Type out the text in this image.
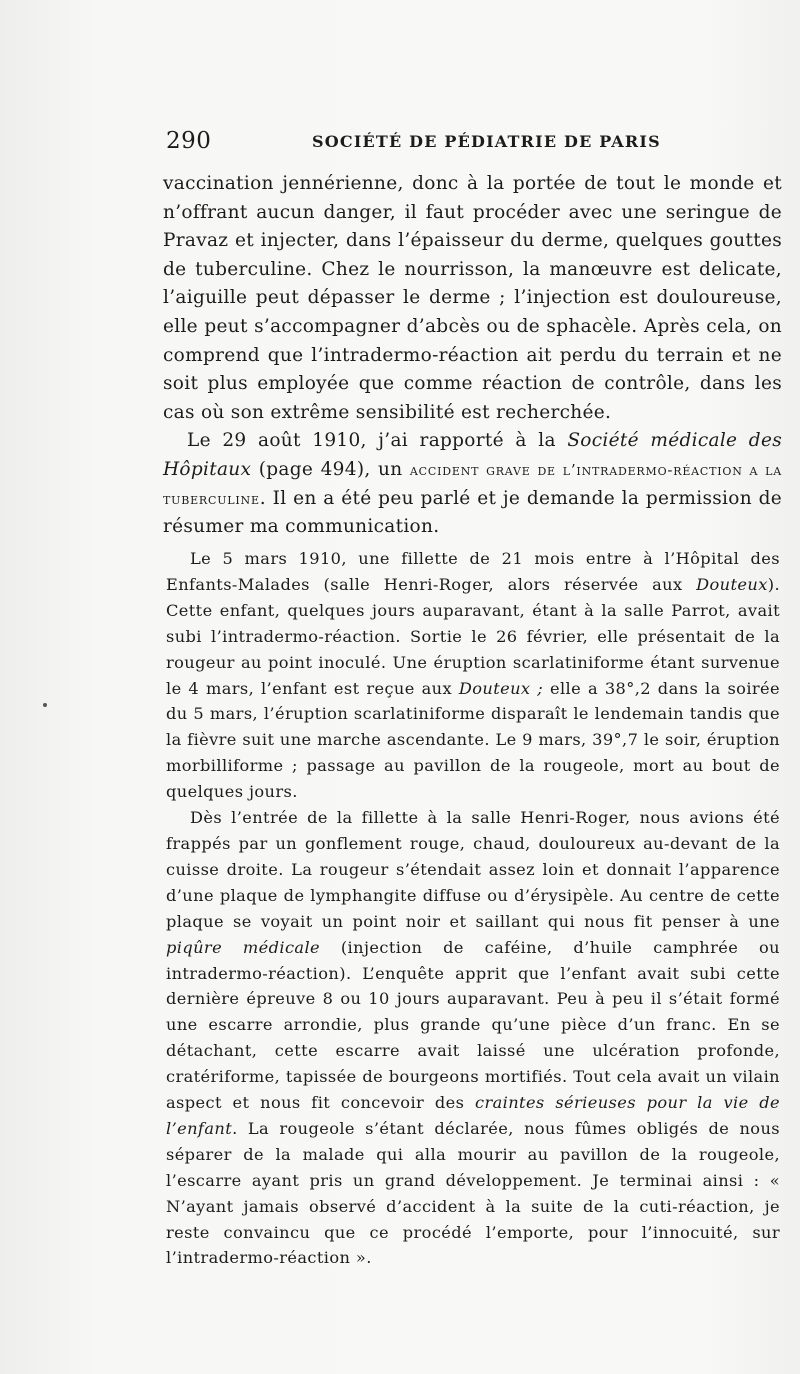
290	SOCIÉTÉ DE PÉDIATRIE DE PARIS

vaccination jennérienne, donc à la portée de tout le monde et n’offrant aucun danger, il faut procéder avec une seringue de Pravaz et injecter, dans l’épaisseur du derme, quelques gouttes de tuberculine. Chez le nourrisson, la manœuvre est delicate, l’aiguille peut dépasser le derme ; l’injection est douloureuse, elle peut s’accompagner d’abcès ou de sphacèle. Après cela, on comprend que l’intradermo-réaction ait perdu du terrain et ne soit plus employée que comme réaction de contrôle, dans les cas où son extrême sensibilité est recherchée.

Le 29 août 1910, j’ai rapporté à la Société médicale des Hôpitaux (page 494), un accident grave de l’intradermo-réaction a la tuberculine. Il en a été peu parlé et je demande la permission de résumer ma communication.

Le 5 mars 1910, une fillette de 21 mois entre à l’Hôpital des Enfants-Malades (salle Henri-Roger, alors réservée aux Douteux). Cette enfant, quelques jours auparavant, étant à la salle Parrot, avait subi l’intradermo-réaction. Sortie le 26 février, elle présentait de la rougeur au point inoculé. Une éruption scarlatiniforme étant survenue le 4 mars, l’enfant est reçue aux Douteux ; elle a 38°,2 dans la soirée du 5 mars, l’éruption scarlatiniforme disparaît le lendemain tandis que la fièvre suit une marche ascendante. Le 9 mars, 39°,7 le soir, éruption morbilliforme ; passage au pavillon de la rougeole, mort au bout de quelques jours.

Dès l’entrée de la fillette à la salle Henri-Roger, nous avions été frappés par un gonflement rouge, chaud, douloureux au-devant de la cuisse droite. La rougeur s’étendait assez loin et donnait l’apparence d’une plaque de lymphangite diffuse ou d’érysipèle. Au centre de cette plaque se voyait un point noir et saillant qui nous fit penser à une piqûre médicale (injection de caféine, d’huile camphrée ou intradermo-réaction). L’enquête apprit que l’enfant avait subi cette dernière épreuve 8 ou 10 jours auparavant. Peu à peu il s’était formé une escarre arrondie, plus grande qu’une pièce d’un franc. En se détachant, cette escarre avait laissé une ulcération profonde, cratériforme, tapissée de bourgeons mortifiés. Tout cela avait un vilain aspect et nous fit concevoir des craintes sérieuses pour la vie de l’enfant. La rougeole s’étant déclarée, nous fûmes obligés de nous séparer de la malade qui alla mourir au pavillon de la rougeole, l’escarre ayant pris un grand développement. Je terminai ainsi : « N’ayant jamais observé d’accident à la suite de la cuti-réaction, je reste convaincu que ce procédé l’emporte, pour l’innocuité, sur l’intradermo-réaction ».
